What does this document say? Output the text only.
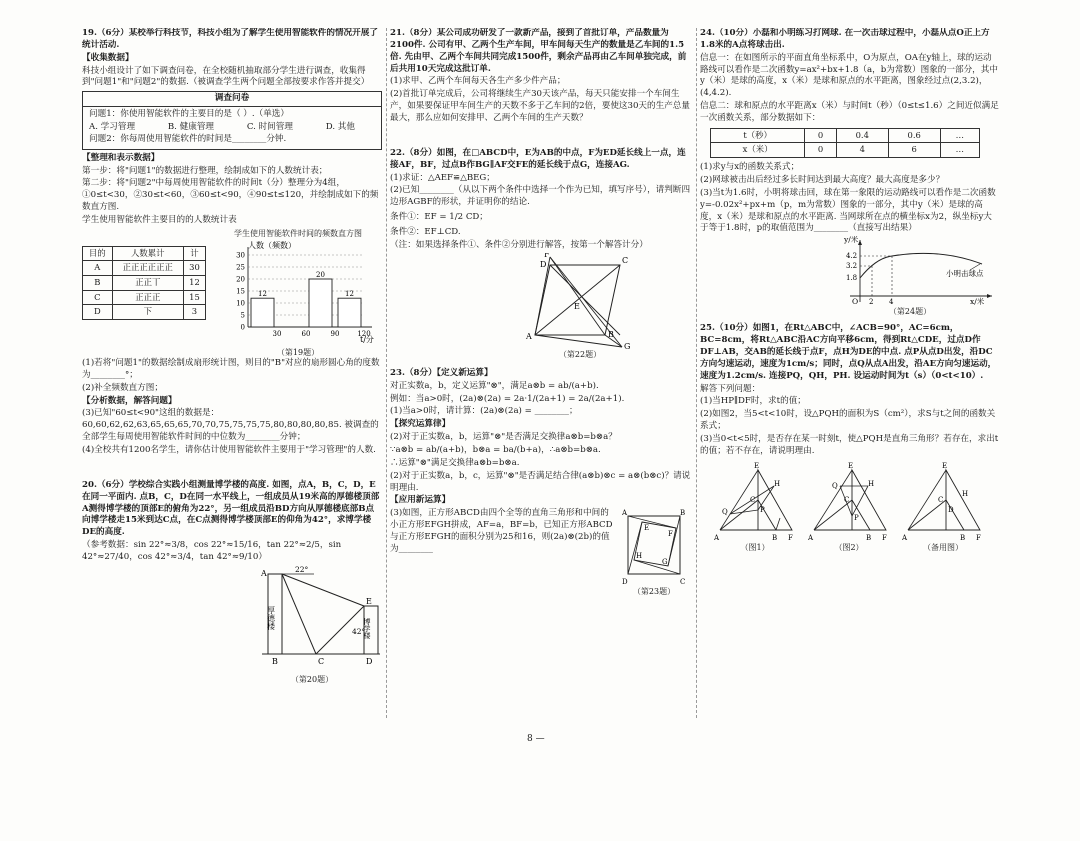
19.（6分）某校举行科技节，科技小组为了解学生使用智能软件的情况开展了统计活动.

【收集数据】

科技小组设计了如下调查问卷，在全校随机抽取部分学生进行调查，收集得到"问题1"和"问题2"的数据.（被调查学生两个问题全部按要求作答并提交）

调查问卷

问题1：你使用智能软件的主要目的是（ ）.（单选）

A. 学习管理	B. 健康管理	C. 时间管理	D. 其他

问题2：你每周使用智能软件的时间是________分钟.

【整理和表示数据】

第一步：将"问题1"的数据进行整理，绘制成如下的人数统计表；

第二步：将"问题2"中每周使用智能软件的时间t（分）整理分为4组，①0≤t<30，②30≤t<60，③60≤t<90，④90≤t≤120，并绘制成如下的频数直方图.

学生使用智能软件主要目的的人数统计表

目的	人数累计	计
A	正正正正正正	30
B	正正丅	12
C	正正正	15
D	下	3
学生使用智能软件时间的频数直方图
0
5
10
15
20
25
30
12
20
12
30	60	90	120
人数（频数）
t/分
（第19题）

(1)若将"问题1"的数据绘制成扇形统计图，则目的"B"对应的扇形圆心角的度数为________°；

(2)补全频数直方图；

【分析数据，解答问题】

(3)已知"60≤t<90"这组的数据是：60,60,62,62,63,65,65,65,70,70,75,75,75,75,80,80,80,80,85. 被调查的全部学生每周使用智能软件时间的中位数为________分钟；

(4)全校共有1200名学生，请你估计使用智能软件主要用于"学习管理"的人数.

20.（6分）学校综合实践小组测量博学楼的高度. 如图，点A，B，C，D，E在同一平面内. 点B，C，D在同一水平线上，一组成员从19米高的厚德楼顶部A测得博学楼的顶部E的俯角为22°，另一组成员沿BD方向从厚德楼底部B点向博学楼走15米到达C点，在C点测得博学楼顶部E的仰角为42°，求博学楼DE的高度.

（参考数据：sin 22°≈3/8，cos 22°≈15/16，tan 22°≈2/5，sin 42°≈27/40，cos 42°≈3/4，tan 42°≈9/10）

A	22°
42°
E
B	C	D
厚德楼	博学楼
（第20题）

21.（8分）某公司成功研发了一款新产品，接到了首批订单，产品数量为2100件. 公司有甲、乙两个生产车间，甲车间每天生产的数量是乙车间的1.5倍. 先由甲、乙两个车间共同完成1500件，剩余产品再由乙车间单独完成，前后共用10天完成这批订单.

(1)求甲、乙两个车间每天各生产多少件产品；

(2)首批订单完成后，公司将继续生产30天该产品，每天只能安排一个车间生产，如果要保证甲车间生产的天数不多于乙车间的2倍，要使这30天的生产总量最大，那么应如何安排甲、乙两个车间的生产天数？

22.（8分）如图，在□ABCD中，E为AB的中点，F为ED延长线上一点，连接AF，BF，过点B作BG∥AF交FE的延长线于点G，连接AG.

(1)求证：△AEF≌△BEG；

(2)已知________（从以下两个条件中选择一个作为已知，填写序号），请判断四边形AGBF的形状，并证明你的结论.

条件①：EF = 1/2 CD；

条件②：EF⊥CD.

（注：如果选择条件①、条件②分别进行解答，按第一个解答计分）

F
C
D
A
E
B
G
（第22题）

23.（8分）【定义新运算】

对正实数a，b，定义运算"⊗"，满足a⊗b = ab/(a+b).

例如：当a>0时，(2a)⊗(2a) = 2a·1/(2a+1) = 2a/(2a+1).

(1)当a>0时，请计算：(2a)⊗(2a) = ________；

【探究运算律】

(2)对于正实数a，b，运算"⊗"是否满足交换律a⊗b=b⊗a？

∵a⊗b = ab/(a+b)，b⊗a = ba/(b+a)，∴a⊗b=b⊗a.

∴运算"⊗"满足交换律a⊗b=b⊗a.

(2)对于正实数a，b，c，运算"⊗"是否满足结合律(a⊗b)⊗c = a⊗(b⊗c)？请说明理由.

【应用新运算】

(3)如图，正方形ABCD由四个全等的直角三角形和中间的小正方形EFGH拼成，AF=a，BF=b，已知正方形ABCD与正方形EFGH的面积分别为25和16，则(2a)⊗(2b)的值为________

A
D	C
B
E
F
H
G
（第23题）

24.（10分）小磊和小明练习打网球. 在一次击球过程中，小磊从点O正上方1.8米的A点将球击出.

信息一：在如图所示的平面直角坐标系中，O为原点，OA在y轴上，球的运动路线可以看作是二次函数y=ax²+bx+1.8（a，b为常数）图象的一部分，其中y（米）是球的高度，x（米）是球和原点的水平距离，图象经过点(2,3.2)，(4,4.2).

信息二：球和原点的水平距离x（米）与时间t（秒）（0≤t≤1.6）之间近似满足一次函数关系，部分数据如下：

t（秒）	0	0.4	0.6	…
x（米）	0	4	6	…

(1)求y与x的函数关系式；

(2)网球被击出后经过多长时间达到最大高度？最大高度是多少？

(3)当t为1.6时，小明将球击回，球在第一象限的运动路线可以看作是二次函数y=-0.02x²+px+m（p，m为常数）图象的一部分，其中y（米）是球的高度，x（米）是球和原点的水平距离. 当网球所在点的横坐标x为2，纵坐标y大于等于1.8时，p的取值范围为________（直接写出结果）

y/米
x/米
O 2 4
4.2
3.2
1.8	小明击球点
（第24题）

25.（10分）如图1，在Rt△ABC中，∠ACB=90°，AC=6cm，BC=8cm，将Rt△ABC沿AC方向平移6cm，得到Rt△CDE，过点D作DF⊥AB，交AB的延长线于点F，点H为DE的中点. 点P从点D出发，沿DC方向匀速运动，速度为1cm/s；同时，点Q从点A出发，沿AE方向匀速运动，速度为1.2cm/s. 连接PQ，QH，PH. 设运动时间为t（s）（0<t<10）.

解答下列问题：

(1)当HP∥DF时，求t的值；

(2)如图2，当5<t<10时，设△PQH的面积为S（cm²），求S与t之间的函数关系式；

(3)当0<t<5时，是否存在某一时刻t，使△PQH是直角三角形？若存在，求出t的值；若不存在，请说明理由.

A
E
H
C
Q	P
B F
（图1）
A
E
H
C
Q
P
B F
（图2）
A
E
H
C
D
B F
（备用图）
8 —
